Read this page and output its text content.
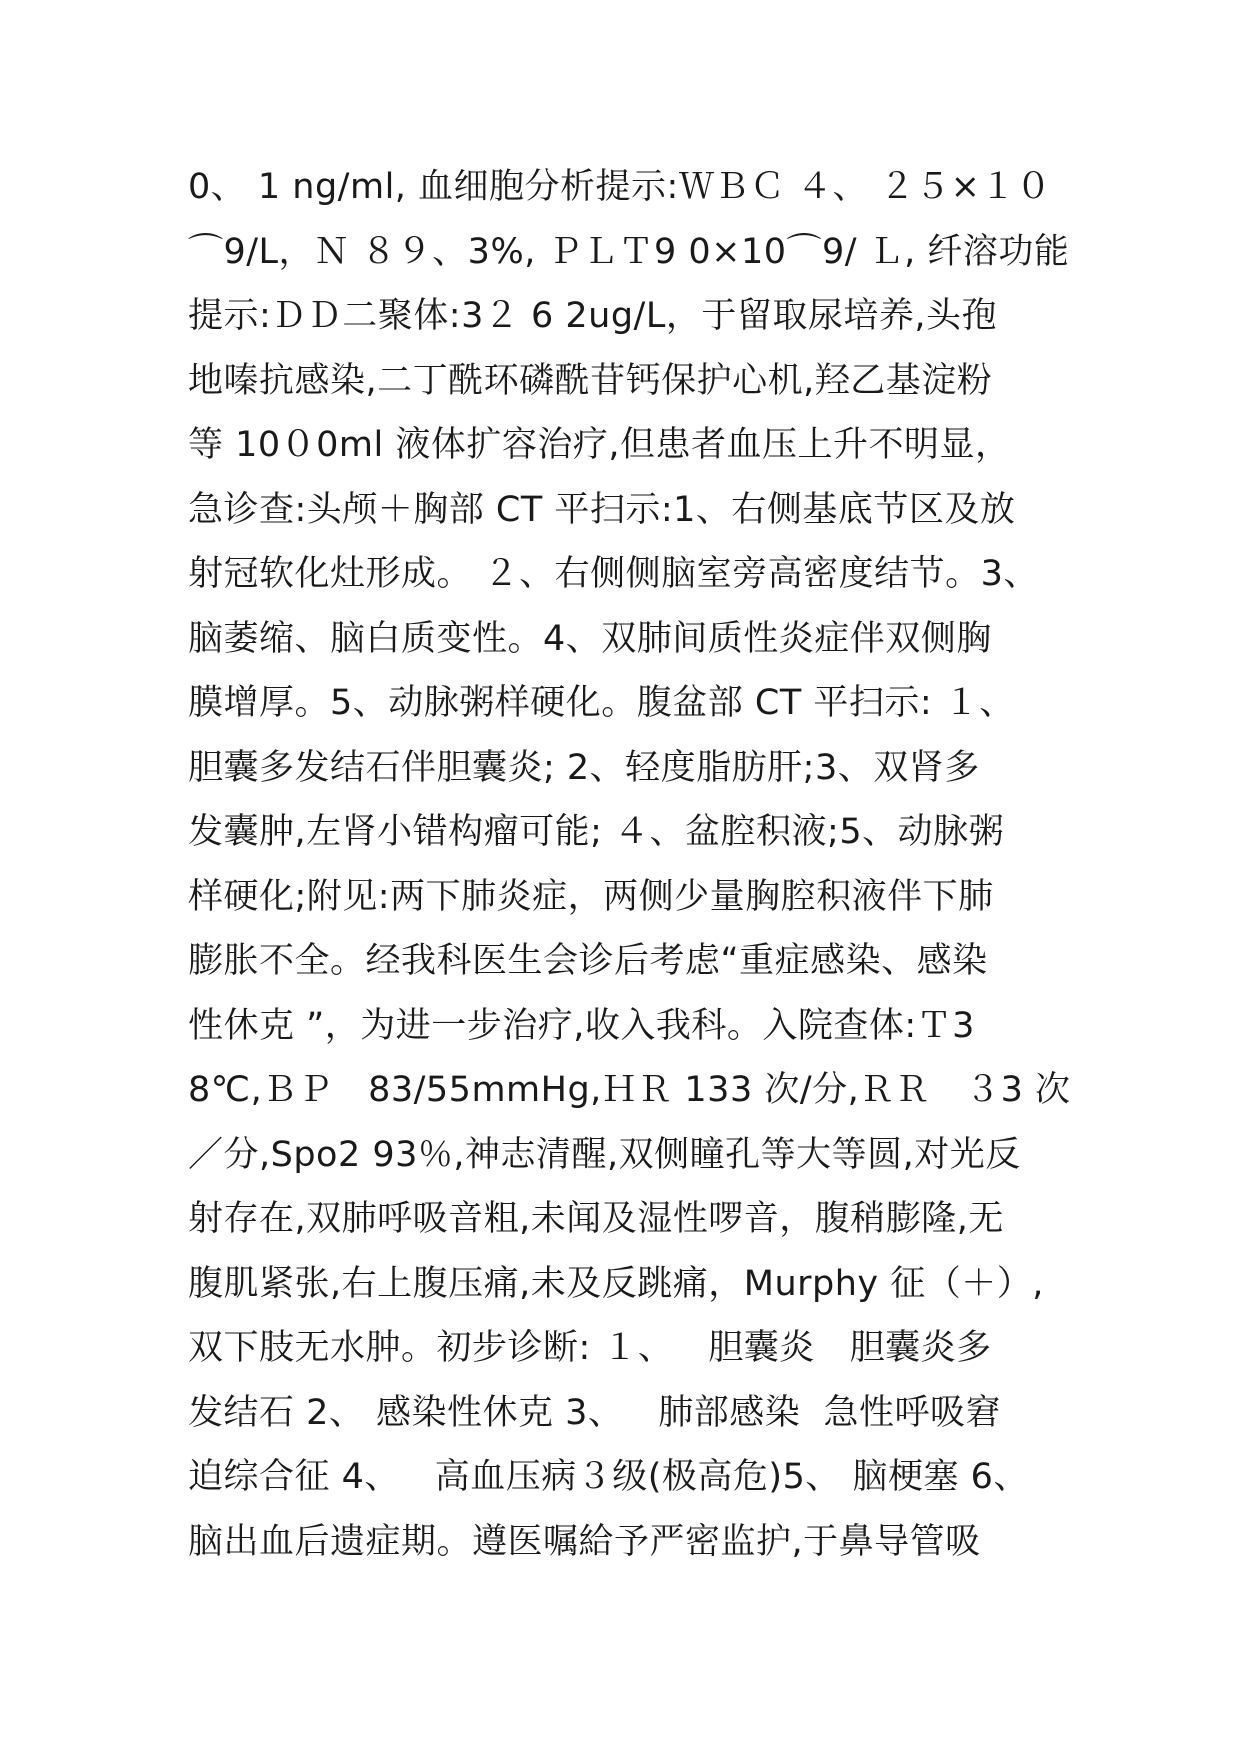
0、 1 ng/ml, 血细胞分析提示:ＷＢＣ ４、 ２５×１０
⌒9/L，Ｎ ８９、3%, ＰＬＴ9 0×10⌒9/ Ｌ, 纤溶功能
提示:ＤＤ二聚体:3２ 6 2ug/L，于留取尿培养,头孢
地嗪抗感染,二丁酰环磷酰苷钙保护心机,羟乙基淀粉
等 10０0ml 液体扩容治疗,但患者血压上升不明显，
急诊查:头颅＋胸部 CT 平扫示:1、右侧基底节区及放
射冠软化灶形成。 ２、右侧侧脑室旁高密度结节。3、
脑萎缩、脑白质变性。4、双肺间质性炎症伴双侧胸
膜增厚。5、动脉粥样硬化。腹盆部 CT 平扫示: １、
胆囊多发结石伴胆囊炎; 2、轻度脂肪肝;3、双肾多
发囊肿,左肾小错构瘤可能; ４、盆腔积液;5、动脉粥
样硬化;附见:两下肺炎症，两侧少量胸腔积液伴下肺
膨胀不全。经我科医生会诊后考虑“重症感染、感染
性休克 ”，为进一步治疗,收入我科。入院查体:Ｔ3
8℃,ＢＰ   83/55mmHg,ＨＲ 133 次/分,ＲＲ   ３3 次
／分,Spo2 93％,神志清醒,双侧瞳孔等大等圆,对光反
射存在,双肺呼吸音粗,未闻及湿性啰音，腹稍膨隆,无
腹肌紧张,右上腹压痛,未及反跳痛，Murphy 征（＋）,
双下肢无水肿。初步诊断: １、   胆囊炎   胆囊炎多
发结石 2、 感染性休克 3、   肺部感染  急性呼吸窘
迫综合征 4、   高血压病３级(极高危)5、 脑梗塞 6、
脑出血后遗症期。遵医嘱給予严密监护,于鼻导管吸
